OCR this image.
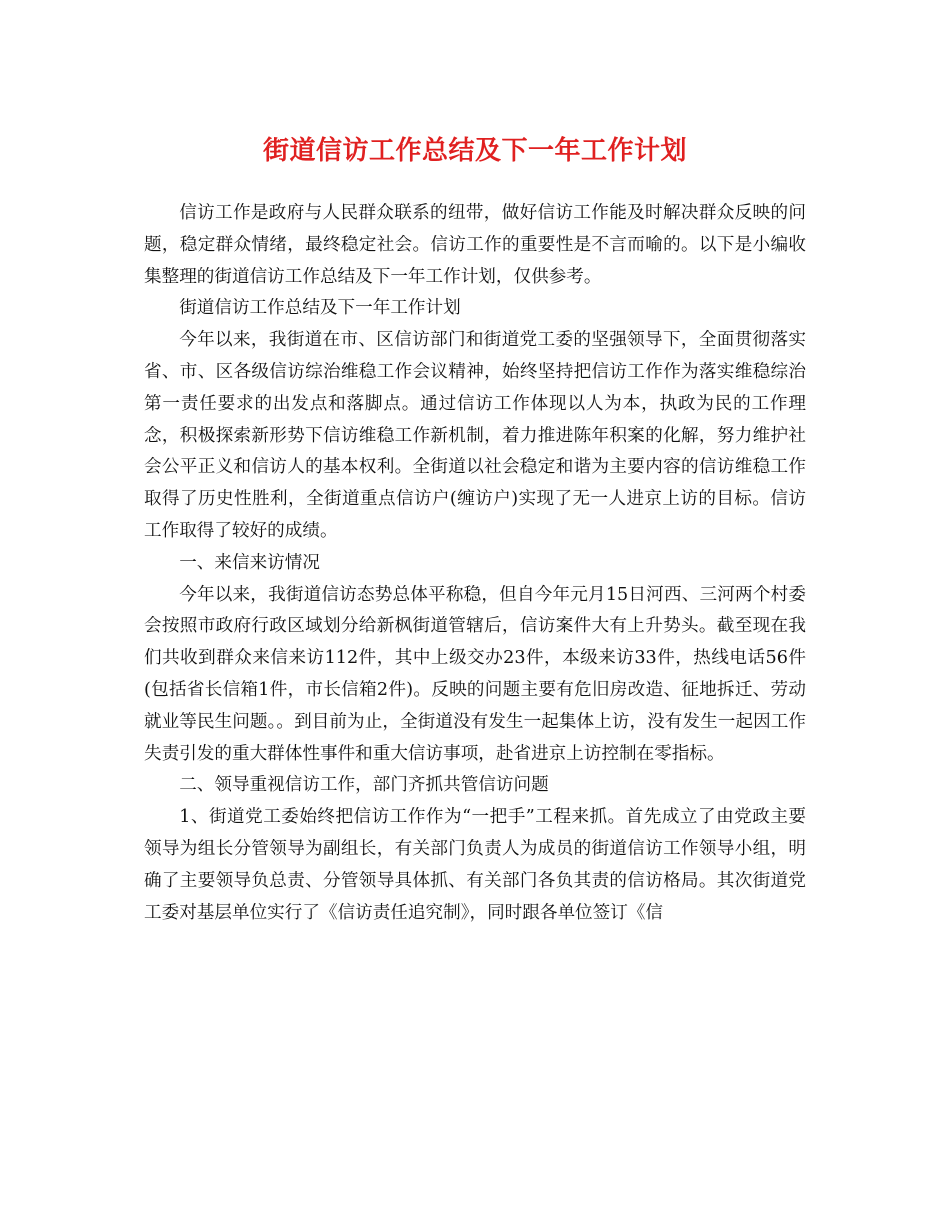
街道信访工作总结及下一年工作计划

信访工作是政府与人民群众联系的纽带，做好信访工作能及时解决群众反映的问题，稳定群众情绪，最终稳定社会。信访工作的重要性是不言而喻的。以下是小编收集整理的街道信访工作总结及下一年工作计划，仅供参考。

街道信访工作总结及下一年工作计划

今年以来，我街道在市、区信访部门和街道党工委的坚强领导下，全面贯彻落实省、市、区各级信访综治维稳工作会议精神，始终坚持把信访工作作为落实维稳综治第一责任要求的出发点和落脚点。通过信访工作体现以人为本，执政为民的工作理念，积极探索新形势下信访维稳工作新机制，着力推进陈年积案的化解，努力维护社会公平正义和信访人的基本权利。全街道以社会稳定和谐为主要内容的信访维稳工作取得了历史性胜利，全街道重点信访户(缠访户)实现了无一人进京上访的目标。信访工作取得了较好的成绩。

一、来信来访情况

今年以来，我街道信访态势总体平称稳，但自今年元月15日河西、三河两个村委会按照市政府行政区域划分给新枫街道管辖后，信访案件大有上升势头。截至现在我们共收到群众来信来访112件，其中上级交办23件，本级来访33件，热线电话56件(包括省长信箱1件，市长信箱2件)。反映的问题主要有危旧房改造、征地拆迁、劳动就业等民生问题。。到目前为止，全街道没有发生一起集体上访，没有发生一起因工作失责引发的重大群体性事件和重大信访事项，赴省进京上访控制在零指标。

二、领导重视信访工作，部门齐抓共管信访问题

1、街道党工委始终把信访工作作为“一把手”工程来抓。首先成立了由党政主要领导为组长分管领导为副组长，有关部门负责人为成员的街道信访工作领导小组，明确了主要领导负总责、分管领导具体抓、有关部门各负其责的信访格局。其次街道党工委对基层单位实行了《信访责任追究制》，同时跟各单位签订《信
